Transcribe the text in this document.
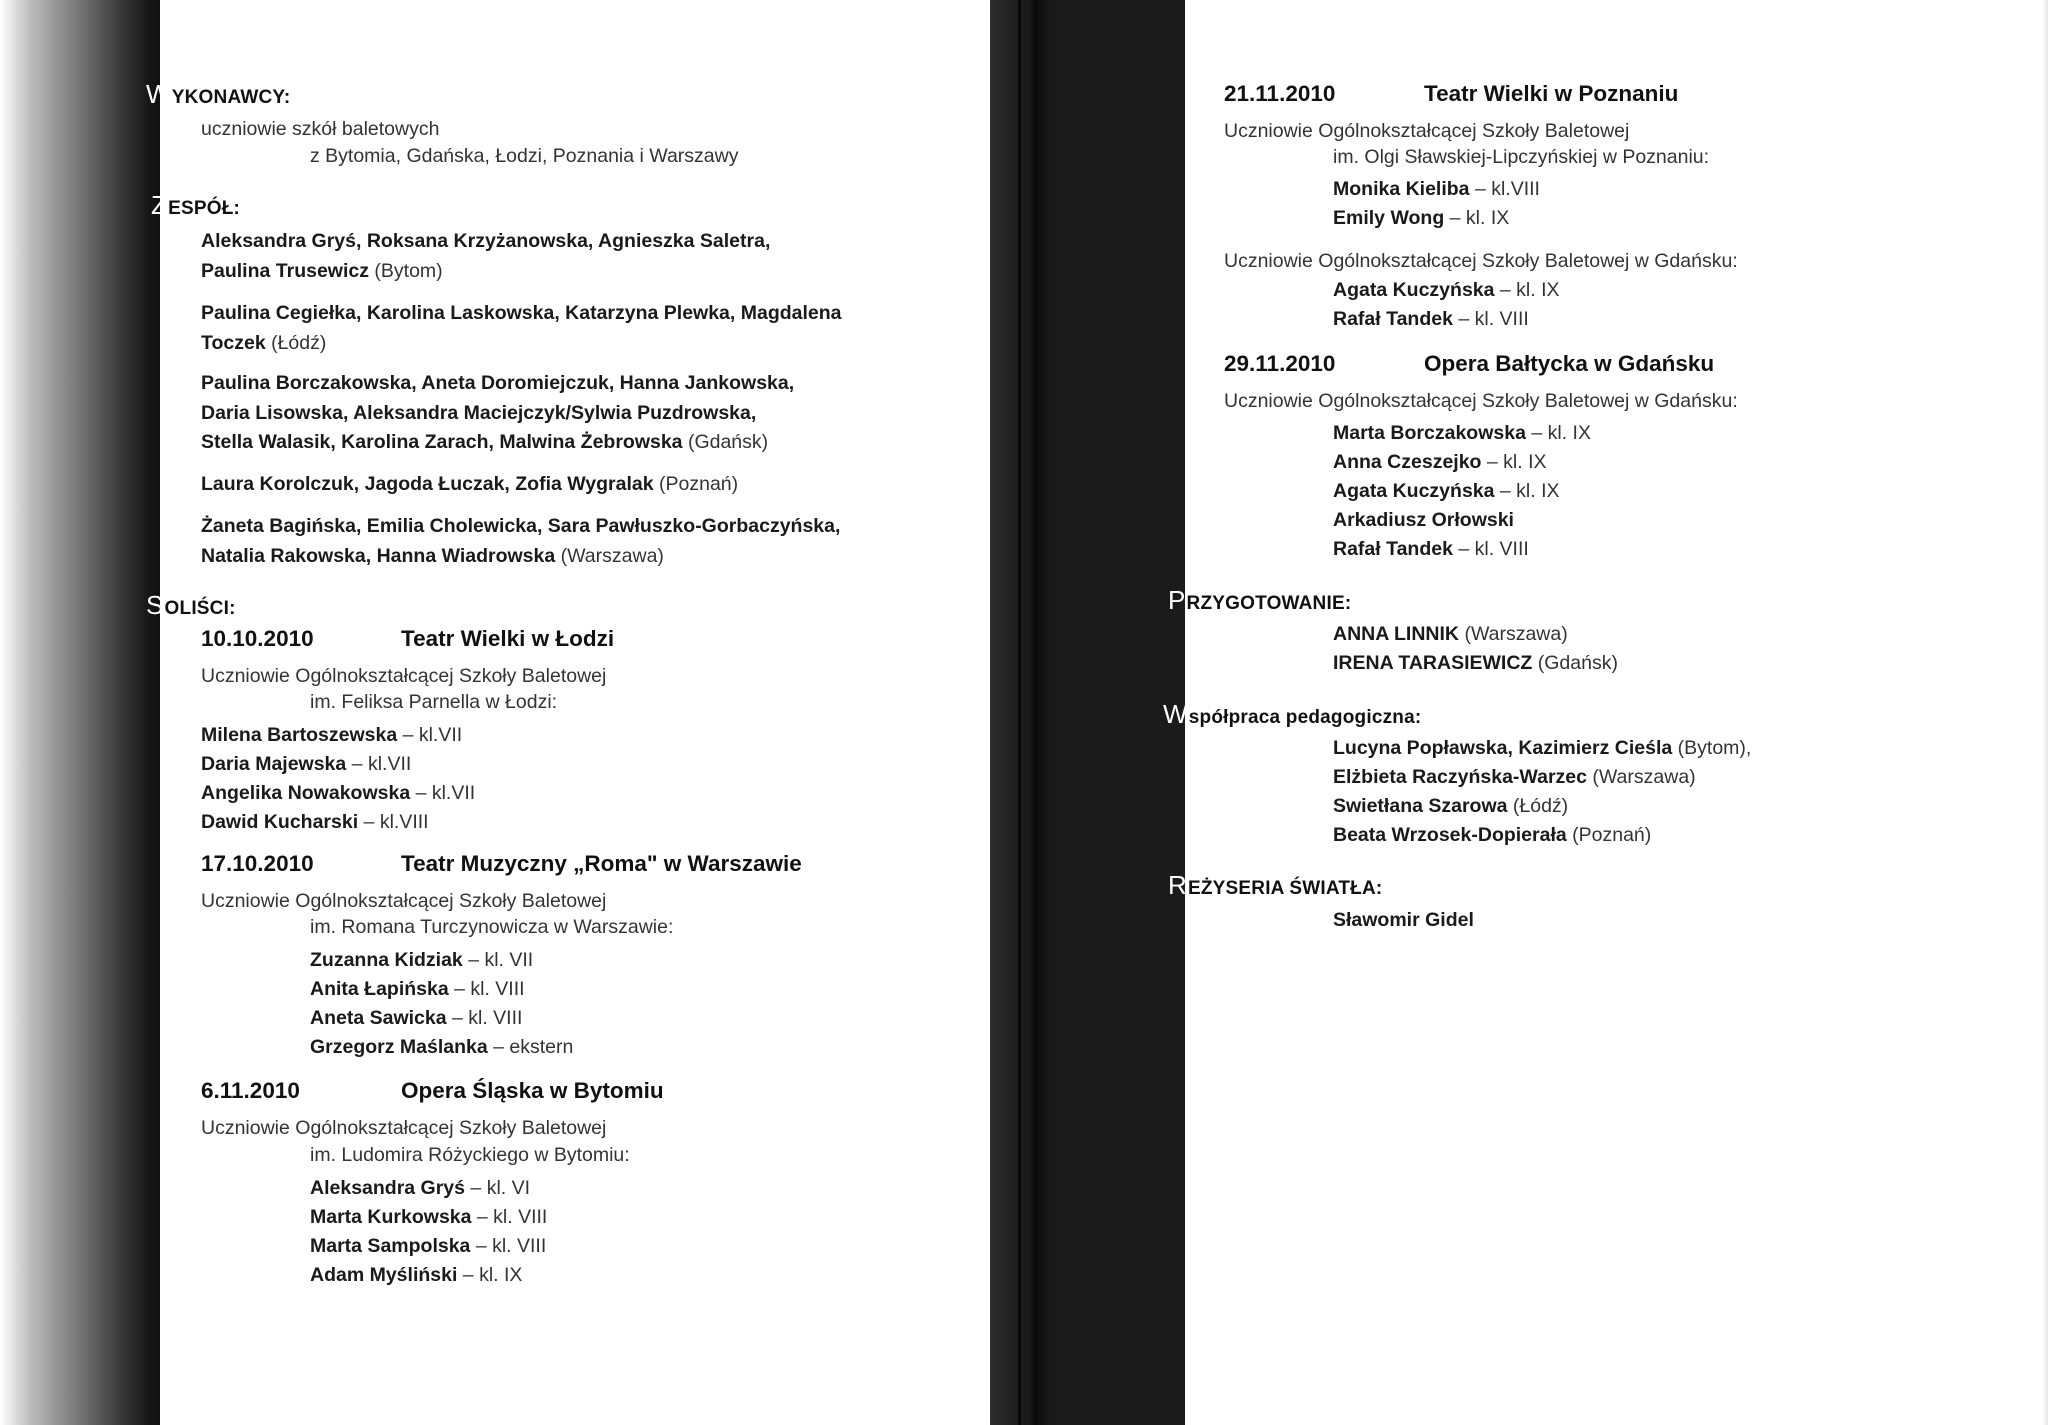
WYKONAWCY:
uczniowie szkół baletowych
z Bytomia, Gdańska, Łodzi, Poznania i Warszawy
ZESPÓŁ:
Aleksandra Gryś, Roksana Krzyżanowska, Agnieszka Saletra,
Paulina Trusewicz (Bytom)
Paulina Cegiełka, Karolina Laskowska, Katarzyna Plewka, Magdalena
Toczek (Łódź)
Paulina Borczakowska, Aneta Doromiejczuk, Hanna Jankowska,
Daria Lisowska, Aleksandra Maciejczyk/Sylwia Puzdrowska,
Stella Walasik, Karolina Zarach, Malwina Żebrowska (Gdańsk)
Laura Korolczuk, Jagoda Łuczak, Zofia Wygralak (Poznań)
Żaneta Bagińska, Emilia Cholewicka, Sara Pawłuszko-Gorbaczyńska,
Natalia Rakowska, Hanna Wiadrowska (Warszawa)
SOLIŚCI:
10.10.2010	Teatr Wielki w Łodzi
Uczniowie Ogólnokształcącej Szkoły Baletowej
im. Feliksa Parnella w Łodzi:
Milena Bartoszewska – kl.VII
Daria Majewska – kl.VII
Angelika Nowakowska – kl.VII
Dawid Kucharski – kl.VIII
17.10.2010	Teatr Muzyczny „Roma" w Warszawie
Uczniowie Ogólnokształcącej Szkoły Baletowej
im. Romana Turczynowicza w Warszawie:
Zuzanna Kidziak – kl. VII
Anita Łapińska – kl. VIII
Aneta Sawicka – kl. VIII
Grzegorz Maślanka – ekstern
6.11.2010	Opera Śląska w Bytomiu
Uczniowie Ogólnokształcącej Szkoły Baletowej
im. Ludomira Różyckiego w Bytomiu:
Aleksandra Gryś – kl. VI
Marta Kurkowska – kl. VIII
Marta Sampolska – kl. VIII
Adam Myśliński – kl. IX
21.11.2010	Teatr Wielki w Poznaniu
Uczniowie Ogólnokształcącej Szkoły Baletowej
im. Olgi Sławskiej-Lipczyńskiej w Poznaniu:
Monika Kieliba – kl.VIII
Emily Wong – kl. IX
Uczniowie Ogólnokształcącej Szkoły Baletowej w Gdańsku:
Agata Kuczyńska – kl. IX
Rafał Tandek – kl. VIII
29.11.2010	Opera Bałtycka w Gdańsku
Uczniowie Ogólnokształcącej Szkoły Baletowej w Gdańsku:
Marta Borczakowska – kl. IX
Anna Czeszejko – kl. IX
Agata Kuczyńska – kl. IX
Arkadiusz Orłowski
Rafał Tandek – kl. VIII
PRZYGOTOWANIE:
ANNA LINNIK (Warszawa)
IRENA TARASIEWICZ (Gdańsk)
Współpraca pedagogiczna:
Lucyna Popławska, Kazimierz Cieśla (Bytom),
Elżbieta Raczyńska-Warzec (Warszawa)
Swietłana Szarowa (Łódź)
Beata Wrzosek-Dopierała (Poznań)
REŻYSERIA ŚWIATŁA:
Sławomir Gidel
